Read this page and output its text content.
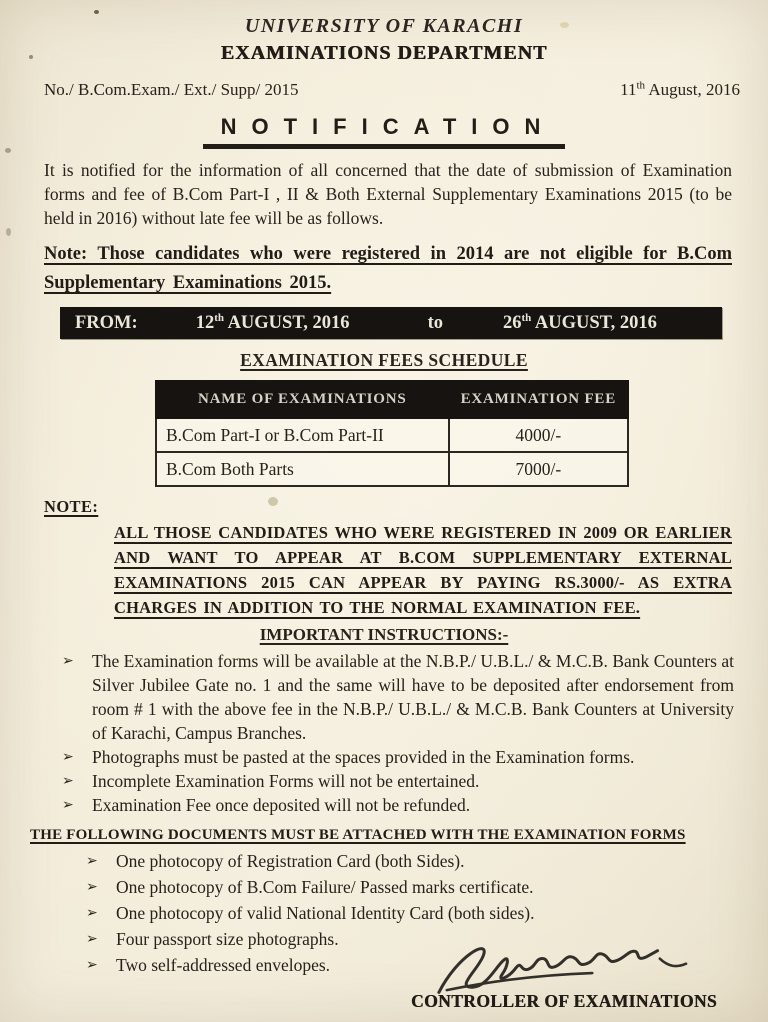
UNIVERSITY OF KARACHI
EXAMINATIONS DEPARTMENT
No./ B.Com.Exam./ Ext./ Supp/ 2015	11th August, 2016
NOTIFICATION

It is notified for the information of all concerned that the date of submission of Examination forms and fee of B.Com Part-I , II & Both External Supplementary Examinations 2015 (to be held in 2016) without late fee will be as follows.

Note: Those candidates who were registered in 2014 are not eligible for B.Com Supplementary Examinations 2015.

FROM:	12th AUGUST, 2016	to	26th AUGUST, 2016
EXAMINATION FEES SCHEDULE
NAME OF EXAMINATIONS	EXAMINATION FEE
B.Com Part-I or B.Com Part-II	4000/-
B.Com Both Parts	7000/-
NOTE:

ALL THOSE CANDIDATES WHO WERE REGISTERED IN 2009 OR EARLIER AND WANT TO APPEAR AT B.COM SUPPLEMENTARY EXTERNAL EXAMINATIONS 2015 CAN APPEAR BY PAYING RS.3000/- AS EXTRA CHARGES IN ADDITION TO THE NORMAL EXAMINATION FEE.

IMPORTANT INSTRUCTIONS:-
➢	The Examination forms will be available at the N.B.P./ U.B.L./ & M.C.B. Bank Counters at Silver Jubilee Gate no. 1 and the same will have to be deposited after endorsement from room # 1 with the above fee in the N.B.P./ U.B.L./ & M.C.B. Bank Counters at University of Karachi, Campus Branches.
➢	Photographs must be pasted at the spaces provided in the Examination forms.
➢	Incomplete Examination Forms will not be entertained.
➢	Examination Fee once deposited will not be refunded.
THE FOLLOWING DOCUMENTS MUST BE ATTACHED WITH THE EXAMINATION FORMS
➢	One photocopy of Registration Card (both Sides).
➢	One photocopy of B.Com Failure/ Passed marks certificate.
➢	One photocopy of valid National Identity Card (both sides).
➢	Four passport size photographs.
➢	Two self-addressed envelopes.
CONTROLLER OF EXAMINATIONS
